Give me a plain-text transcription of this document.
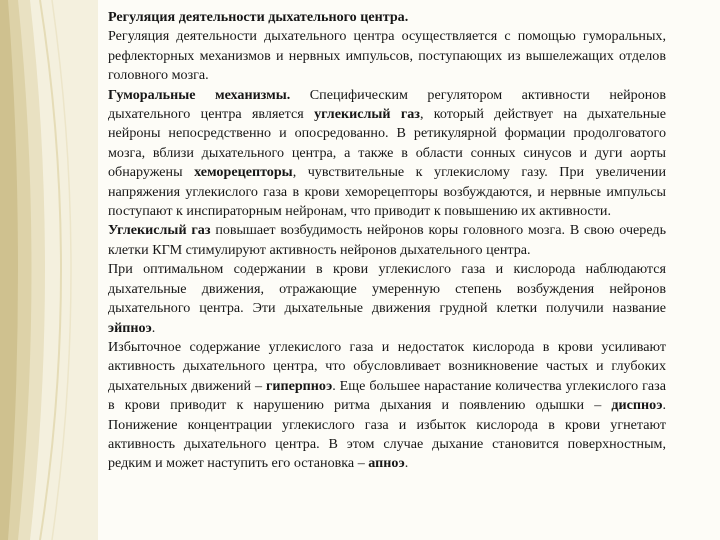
Регуляция деятельности дыхательного центра.

Регуляция деятельности дыхательного центра осуществляется с помощью гуморальных, рефлекторных механизмов и нервных импульсов, поступающих из вышележащих отделов головного мозга.

Гуморальные механизмы. Специфическим регулятором активности нейронов дыхательного центра является углекислый газ, который действует на дыхательные нейроны непосредственно и опосредованно. В ретикулярной формации продолговатого мозга, вблизи дыхательного центра, а также в области сонных синусов и дуги аорты обнаружены хеморецепторы, чувствительные к углекислому газу. При увеличении напряжения углекислого газа в крови хеморецепторы возбуждаются, и нервные импульсы поступают к инспираторным нейронам, что приводит к повышению их активности.

Углекислый газ повышает возбудимость нейронов коры головного мозга. В свою очередь клетки КГМ стимулируют активность нейронов дыхательного центра.

При оптимальном содержании в крови углекислого газа и кислорода наблюдаются дыхательные движения, отражающие умеренную степень возбуждения нейронов дыхательного центра. Эти дыхательные движения грудной клетки получили название эйпноэ.

Избыточное содержание углекислого газа и недостаток кислорода в крови усиливают активность дыхательного центра, что обусловливает возникновение частых и глубоких дыхательных движений – гиперпноэ. Еще большее нарастание количества углекислого газа в крови приводит к нарушению ритма дыхания и появлению одышки – диспноэ. Понижение концентрации углекислого газа и избыток кислорода в крови угнетают активность дыхательного центра. В этом случае дыхание становится поверхностным, редким и может наступить его остановка – апноэ.
